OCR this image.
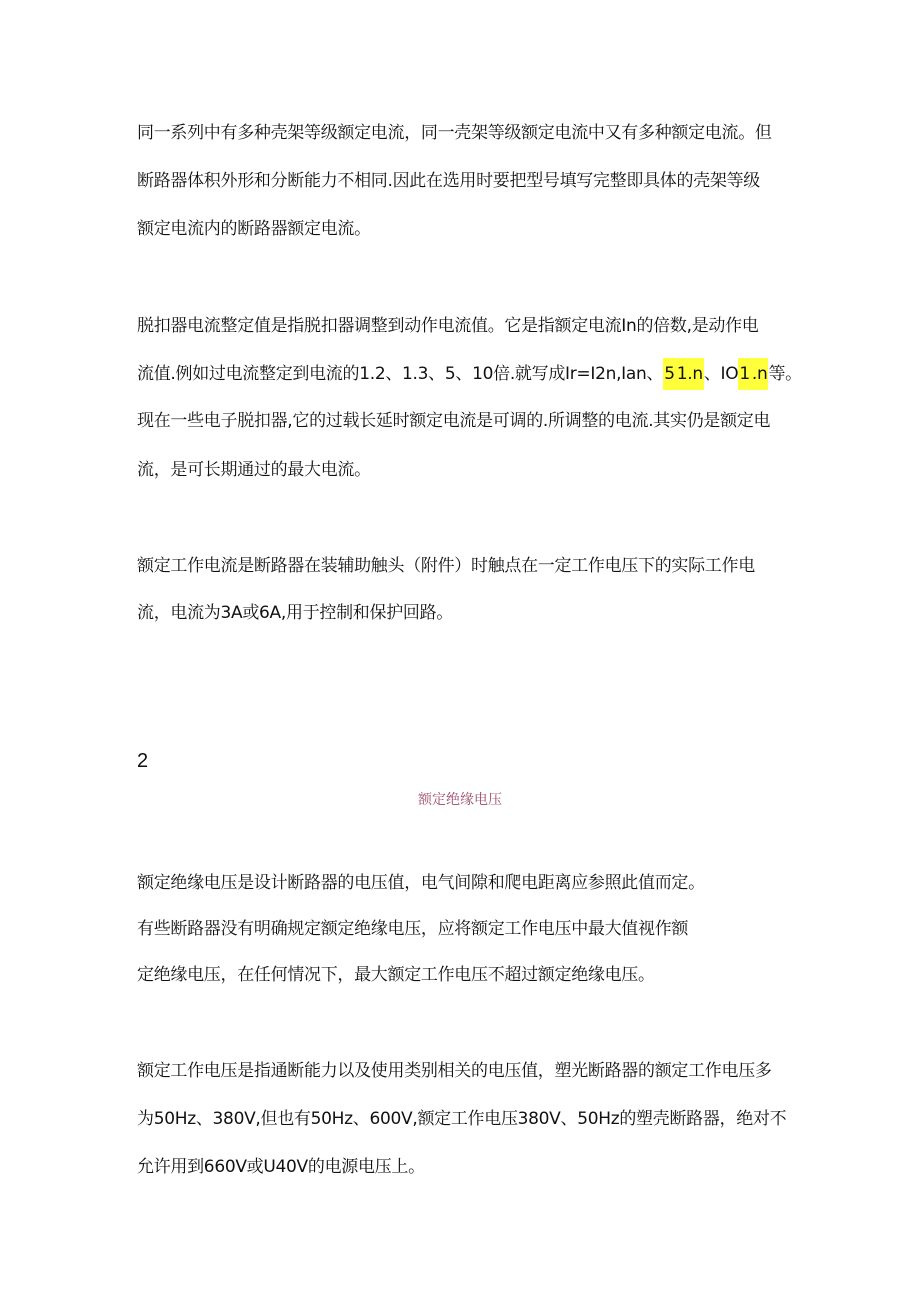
同一系列中有多种壳架等级额定电流，同一壳架等级额定电流中又有多种额定电流。但
断路器体积外形和分断能力不相同.因此在选用时要把型号填写完整即具体的壳架等级
额定电流内的断路器额定电流。
脱扣器电流整定值是指脱扣器调整到动作电流值。它是指额定电流In的倍数,是动作电
流值.例如过电流整定到电流的1.2、1.3、5、10倍.就写成Ir=I2n,Ian、5 1.n、IO1 .n等。
现在一些电子脱扣器,它的过载长延时额定电流是可调的.所调整的电流.其实仍是额定电
流，是可长期通过的最大电流。
额定工作电流是断路器在装辅助触头（附件）时触点在一定工作电压下的实际工作电
流，电流为3A或6A,用于控制和保护回路。
2
额定绝缘电压
额定绝缘电压是设计断路器的电压值，电气间隙和爬电距离应参照此值而定。
有些断路器没有明确规定额定绝缘电压，应将额定工作电压中最大值视作额
定绝缘电压，在任何情况下，最大额定工作电压不超过额定绝缘电压。
额定工作电压是指通断能力以及使用类别相关的电压值，塑光断路器的额定工作电压多
为50Hz、380V,但也有50Hz、600V,额定工作电压380V、50Hz的塑壳断路器，绝对不
允许用到660V或U40V的电源电压上。
